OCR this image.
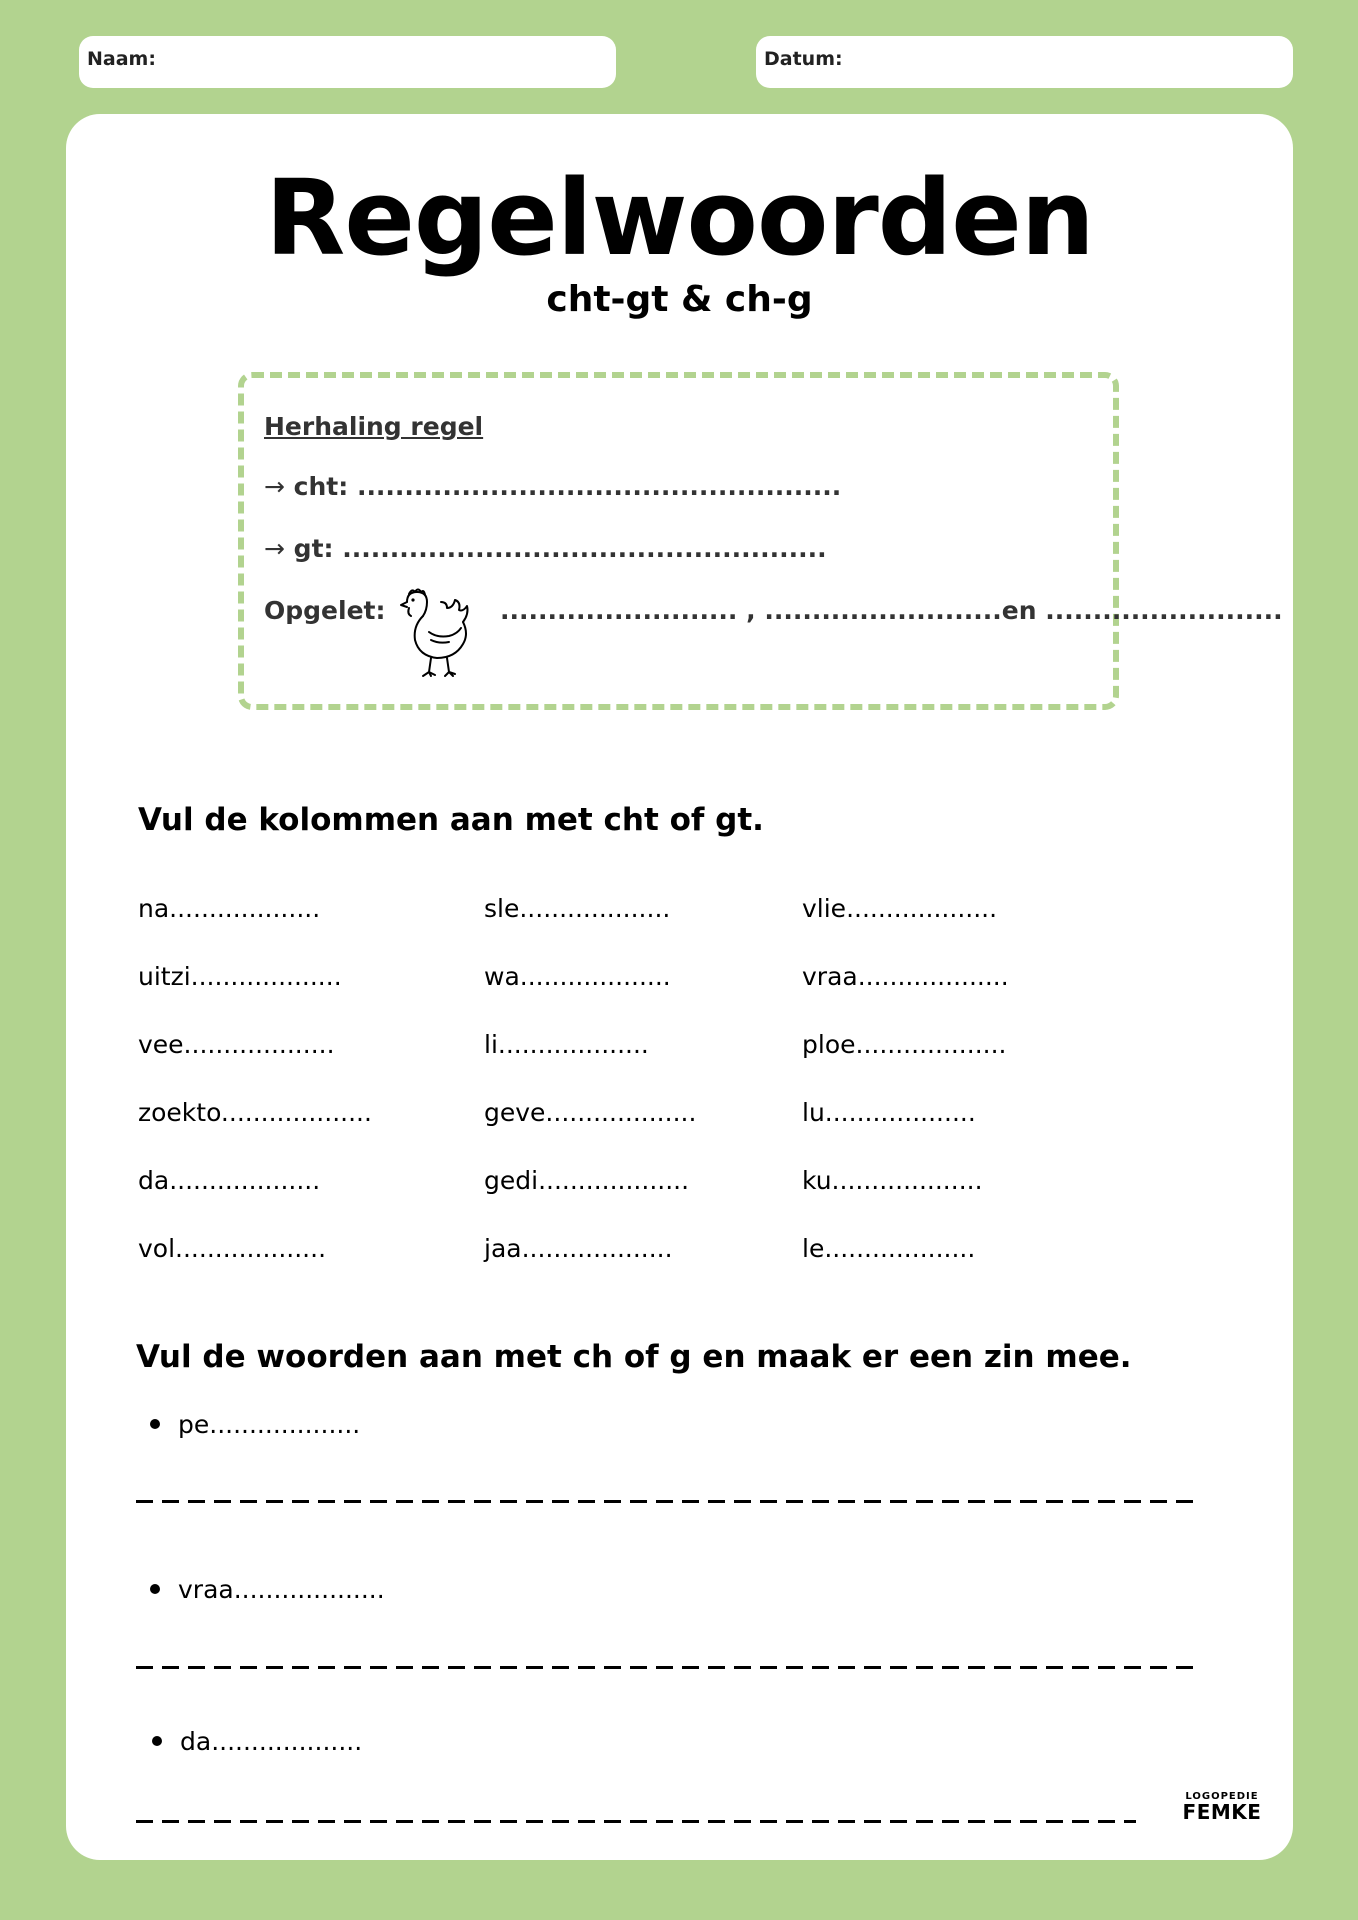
Naam:	Datum:
Regelwoorden
cht-gt & ch-g
Herhaling regel
→ cht: ...................................................
→ gt: ...................................................
Opgelet:	......................... , .........................en .........................
Vul de kolommen aan met cht of gt.
na...................
uitzi...................
vee...................
zoekto...................
da...................
vol...................
sle...................
wa...................
li...................
geve...................
gedi...................
jaa...................
vlie...................
vraa...................
ploe...................
lu...................
ku...................
le...................
Vul de woorden aan met ch of g en maak er een zin mee.
pe...................
vraa...................
da...................
LOGOPEDIE
FEMKE
